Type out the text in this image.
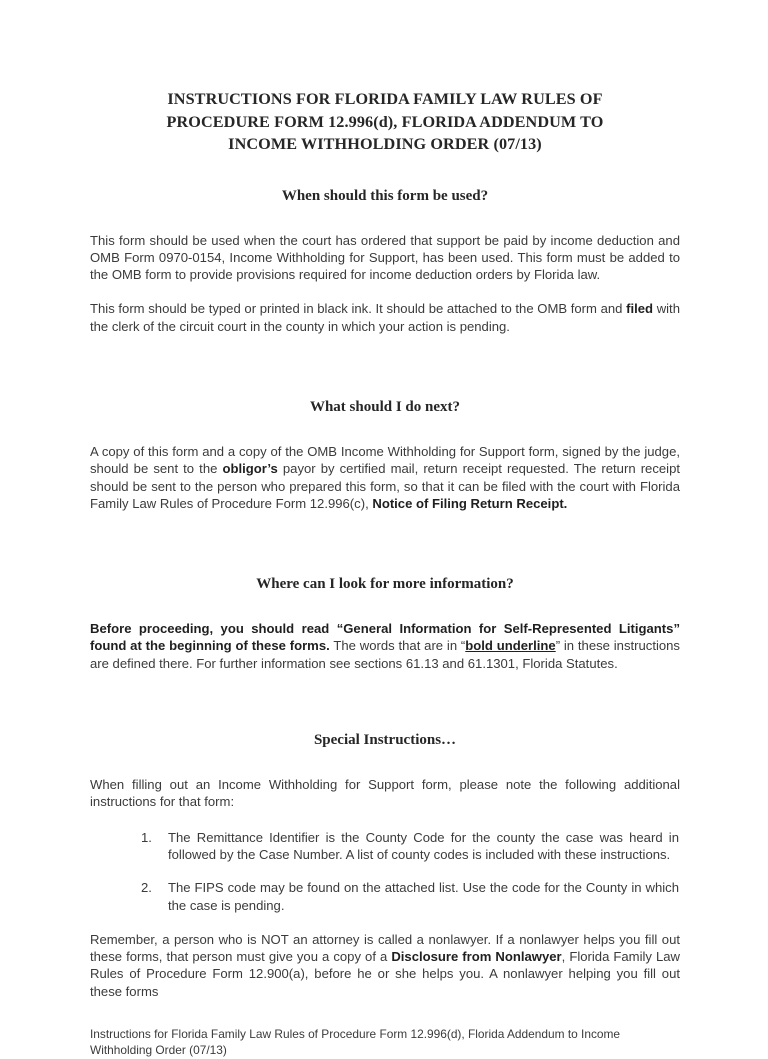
INSTRUCTIONS FOR FLORIDA FAMILY LAW RULES OF
PROCEDURE FORM 12.996(d), FLORIDA ADDENDUM TO
INCOME WITHHOLDING ORDER (07/13)
When should this form be used?

This form should be used when the court has ordered that support be paid by income deduction and OMB Form 0970-0154, Income Withholding for Support, has been used. This form must be added to the OMB form to provide provisions required for income deduction orders by Florida law.

This form should be typed or printed in black ink. It should be attached to the OMB form and filed with the clerk of the circuit court in the county in which your action is pending.

What should I do next?

A copy of this form and a copy of the OMB Income Withholding for Support form, signed by the judge, should be sent to the obligor’s payor by certified mail, return receipt requested. The return receipt should be sent to the person who prepared this form, so that it can be filed with the court with Florida Family Law Rules of Procedure Form 12.996(c), Notice of Filing Return Receipt.

Where can I look for more information?

Before proceeding, you should read “General Information for Self-Represented Litigants” found at the beginning of these forms. The words that are in “bold underline” in these instructions are defined there. For further information see sections 61.13 and 61.1301, Florida Statutes.

Special Instructions…

When filling out an Income Withholding for Support form, please note the following additional instructions for that form:

1.	The Remittance Identifier is the County Code for the county the case was heard in followed by the Case Number. A list of county codes is included with these instructions.
2.	The FIPS code may be found on the attached list. Use the code for the County in which the case is pending.

Remember, a person who is NOT an attorney is called a nonlawyer. If a nonlawyer helps you fill out these forms, that person must give you a copy of a Disclosure from Nonlawyer, Florida Family Law Rules of Procedure Form 12.900(a), before he or she helps you. A nonlawyer helping you fill out these forms

Instructions for Florida Family Law Rules of Procedure Form 12.996(d), Florida Addendum to Income Withholding Order (07/13)
